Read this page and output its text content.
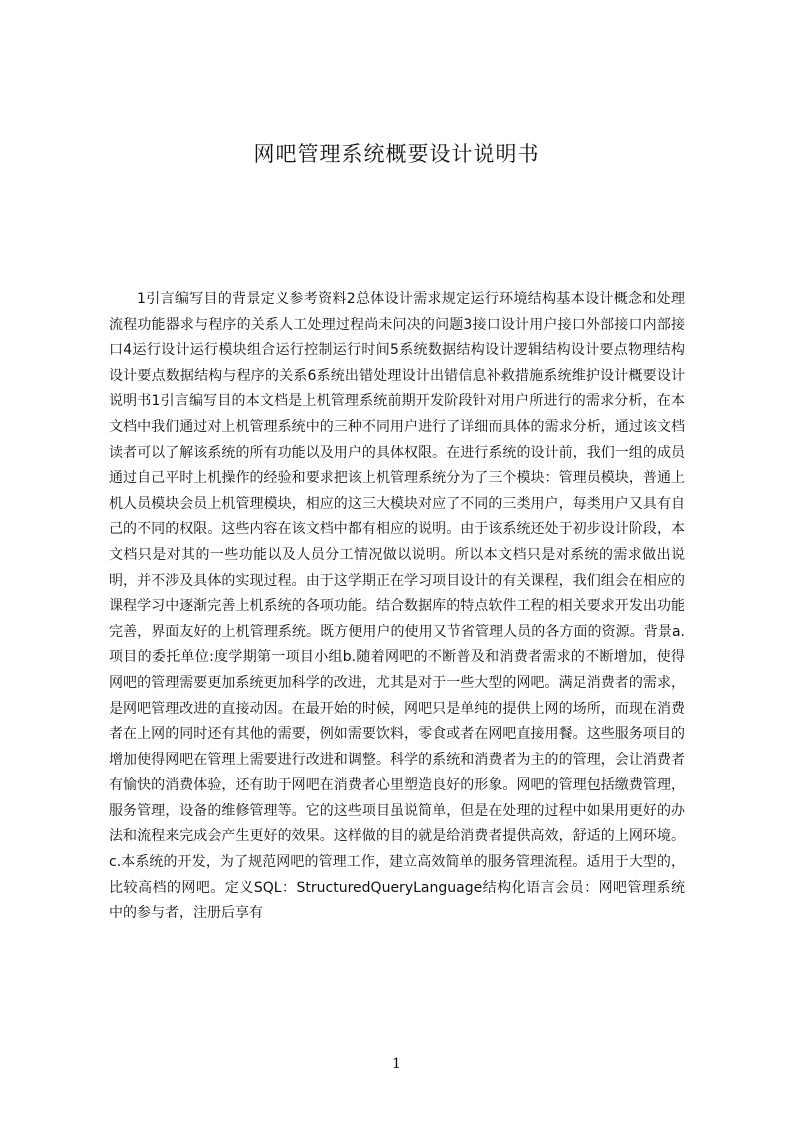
网吧管理系统概要设计说明书

1引言编写目的背景定义参考资料2总体设计需求规定运行环境结构基本设计概念和处理流程功能器求与程序的关系人工处理过程尚未问决的问题3接口设计用户接口外部接口内部接口4运行设计运行模块组合运行控制运行时间5系统数据结构设计逻辑结构设计要点物理结构设计要点数据结构与程序的关系6系统出错处理设计出错信息补救措施系统维护设计概要设计说明书1引言编写目的本文档是上机管理系统前期开发阶段针对用户所进行的需求分析，在本文档中我们通过对上机管理系统中的三种不同用户进行了详细而具体的需求分析，通过该文档读者可以了解该系统的所有功能以及用户的具体权限。在进行系统的设计前，我们一组的成员通过自己平时上机操作的经验和要求把该上机管理系统分为了三个模块：管理员模块，普通上机人员模块会员上机管理模块，相应的这三大模块对应了不同的三类用户，每类用户又具有自己的不同的权限。这些内容在该文档中都有相应的说明。由于该系统还处于初步设计阶段，本文档只是对其的一些功能以及人员分工情况做以说明。所以本文档只是对系统的需求做出说明，并不涉及具体的实现过程。由于这学期正在学习项目设计的有关课程，我们组会在相应的课程学习中逐渐完善上机系统的各项功能。结合数据库的特点软件工程的相关要求开发出功能完善，界面友好的上机管理系统。既方便用户的使用又节省管理人员的各方面的资源。背景a.项目的委托单位:度学期第一项目小组b.随着网吧的不断普及和消费者需求的不断增加，使得网吧的管理需要更加系统更加科学的改进，尤其是对于一些大型的网吧。满足消费者的需求，是网吧管理改进的直接动因。在最开始的时候，网吧只是单纯的提供上网的场所，而现在消费者在上网的同时还有其他的需要，例如需要饮料，零食或者在网吧直接用餐。这些服务项目的增加使得网吧在管理上需要进行改进和调整。科学的系统和消费者为主的的管理，会让消费者有愉快的消费体验，还有助于网吧在消费者心里塑造良好的形象。网吧的管理包括缴费管理，服务管理，设备的维修管理等。它的这些项目虽说简单，但是在处理的过程中如果用更好的办法和流程来完成会产生更好的效果。这样做的目的就是给消费者提供高效，舒适的上网环境。c.本系统的开发，为了规范网吧的管理工作，建立高效简单的服务管理流程。适用于大型的，比较高档的网吧。定义SQL：StructuredQueryLanguage结构化语言会员：网吧管理系统中的参与者，注册后享有

1
